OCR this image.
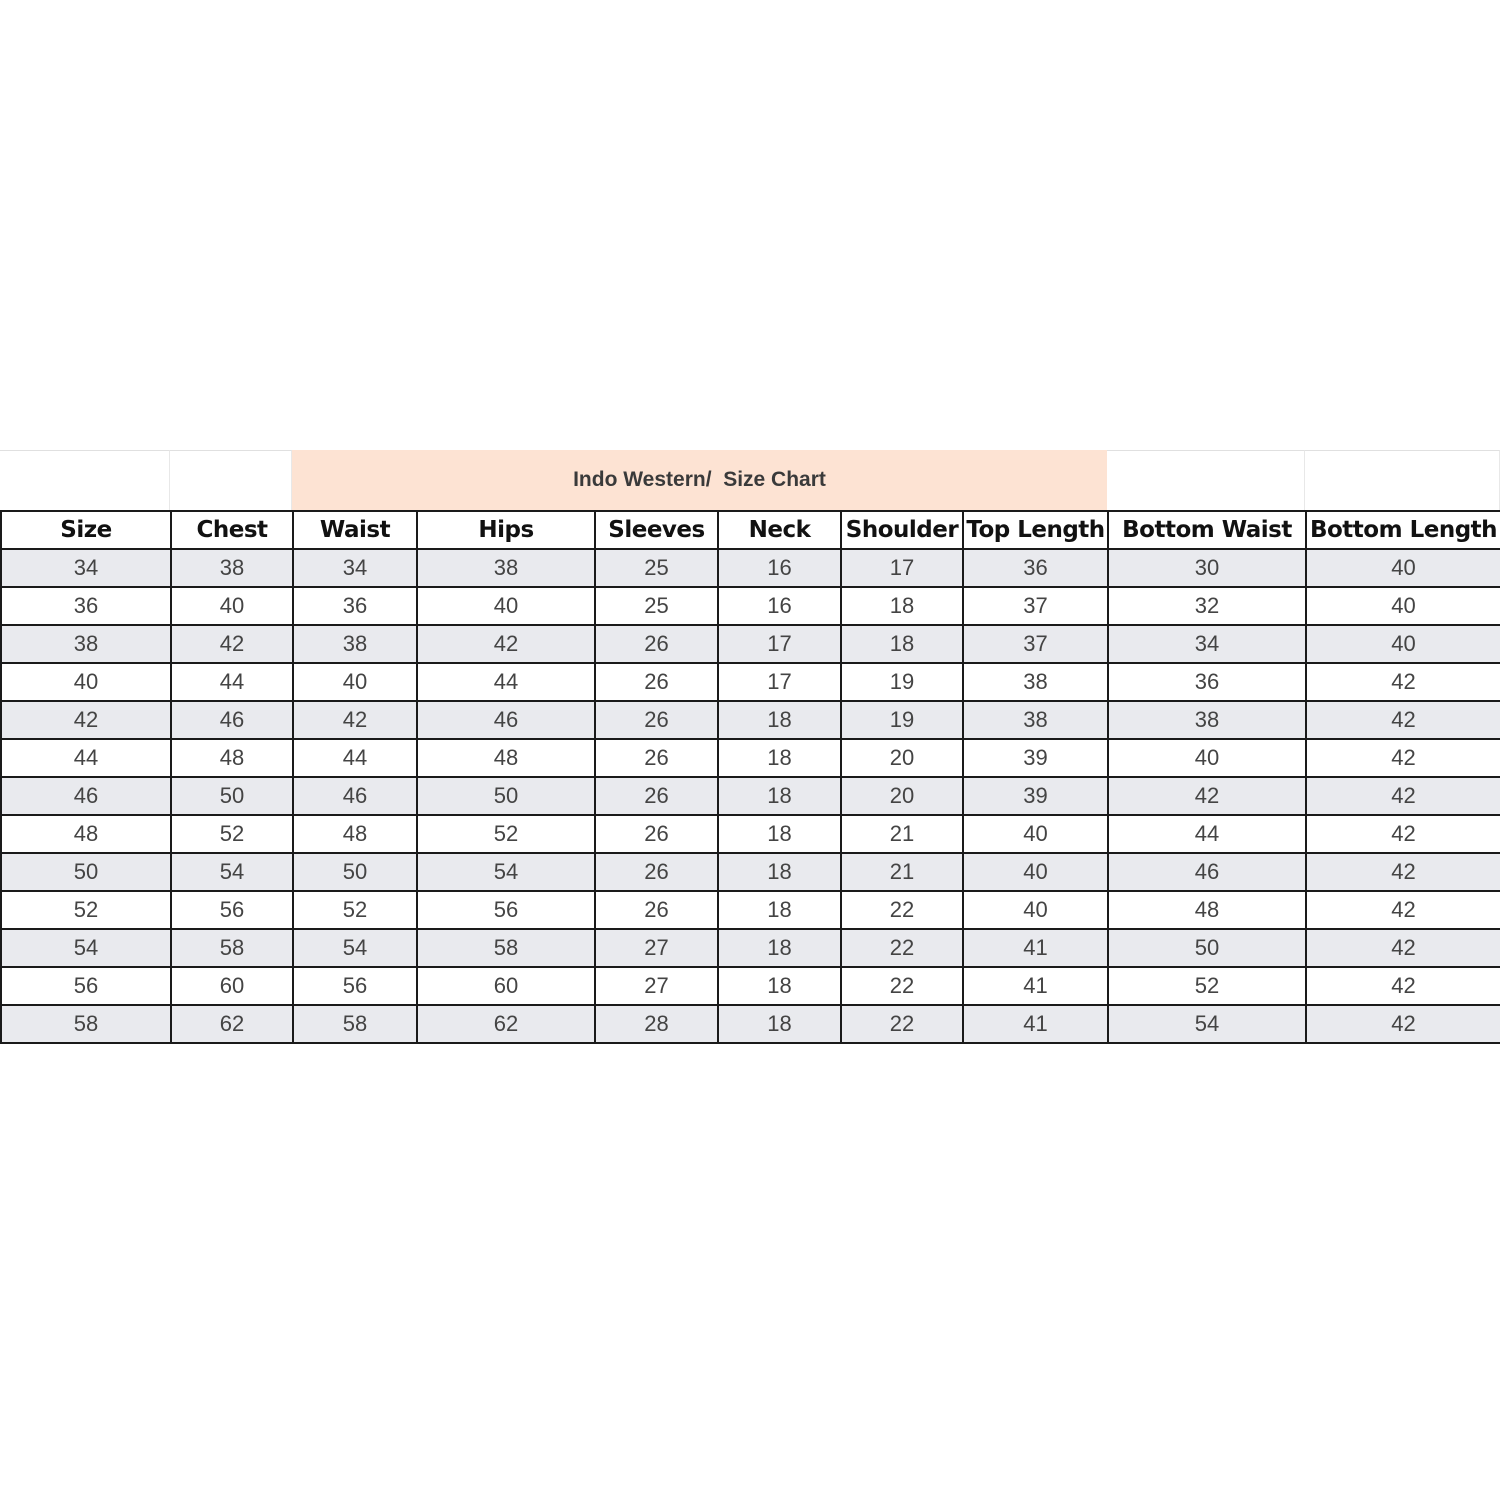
Indo Western/  Size Chart
Size	Chest	Waist	Hips	Sleeves	Neck	Shoulder	Top Length	Bottom Waist	Bottom Length
34	38	34	38	25	16	17	36	30	40
36	40	36	40	25	16	18	37	32	40
38	42	38	42	26	17	18	37	34	40
40	44	40	44	26	17	19	38	36	42
42	46	42	46	26	18	19	38	38	42
44	48	44	48	26	18	20	39	40	42
46	50	46	50	26	18	20	39	42	42
48	52	48	52	26	18	21	40	44	42
50	54	50	54	26	18	21	40	46	42
52	56	52	56	26	18	22	40	48	42
54	58	54	58	27	18	22	41	50	42
56	60	56	60	27	18	22	41	52	42
58	62	58	62	28	18	22	41	54	42
